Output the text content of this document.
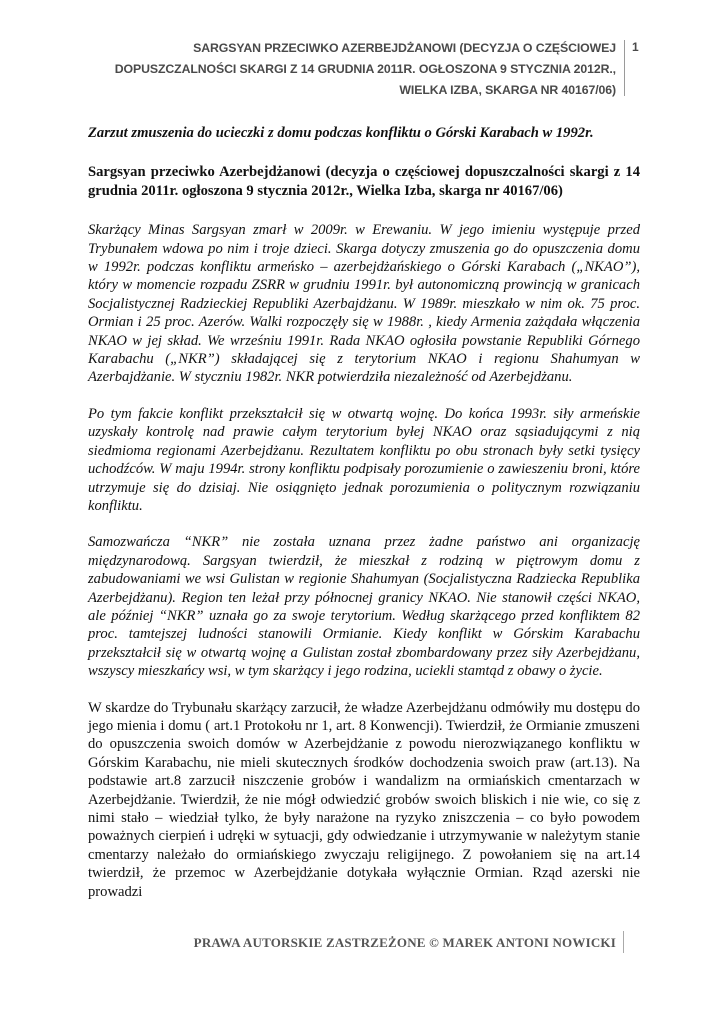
SARGSYAN PRZECIWKO AZERBEJDŻANOWI (DECYZJA O CZĘŚCIOWEJ
DOPUSZCZALNOŚCI SKARGI Z 14 GRUDNIA 2011R. OGŁOSZONA 9 STYCZNIA 2012R.,
WIELKA IZBA, SKARGA NR 40167/06)
1

Zarzut zmuszenia do ucieczki z domu podczas konfliktu o Górski Karabach w 1992r.

Sargsyan przeciwko Azerbejdżanowi (decyzja o częściowej dopuszczalności skargi z 14 grudnia 2011r. ogłoszona 9 stycznia 2012r., Wielka Izba, skarga nr 40167/06)

Skarżący Minas Sargsyan zmarł w 2009r. w Erewaniu. W jego imieniu występuje przed Trybunałem wdowa po nim i troje dzieci. Skarga dotyczy zmuszenia go do opuszczenia domu w 1992r. podczas konfliktu armeńsko – azerbejdżańskiego o Górski Karabach („NKAO”), który w momencie rozpadu ZSRR w grudniu 1991r. był autonomiczną prowincją w granicach Socjalistycznej Radzieckiej Republiki Azerbajdżanu. W 1989r. mieszkało w nim ok. 75 proc. Ormian i 25 proc. Azerów. Walki rozpoczęły się w 1988r. , kiedy Armenia zażądała włączenia NKAO w jej skład. We wrześniu 1991r. Rada NKAO ogłosiła powstanie Republiki Górnego Karabachu („NKR”) składającej się z terytorium NKAO i regionu Shahumyan w Azerbajdżanie. W styczniu 1982r. NKR potwierdziła niezależność od Azerbejdżanu.

Po tym fakcie konflikt przekształcił się w otwartą wojnę. Do końca 1993r. siły armeńskie uzyskały kontrolę nad prawie całym terytorium byłej NKAO oraz sąsiadującymi z nią siedmioma regionami Azerbejdżanu. Rezultatem konfliktu po obu stronach były setki tysięcy uchodźców. W maju 1994r. strony konfliktu podpisały porozumienie o zawieszeniu broni, które utrzymuje się do dzisiaj. Nie osiągnięto jednak porozumienia o politycznym rozwiązaniu konfliktu.

Samozwańcza “NKR” nie została uznana przez żadne państwo ani organizację międzynarodową. Sargsyan twierdził, że mieszkał z rodziną w piętrowym domu z zabudowaniami we wsi Gulistan w regionie Shahumyan (Socjalistyczna Radziecka Republika Azerbejdżanu). Region ten leżał przy północnej granicy NKAO. Nie stanowił części NKAO, ale później “NKR” uznała go za swoje terytorium. Według skarżącego przed konfliktem 82 proc. tamtejszej ludności stanowili Ormianie. Kiedy konflikt w Górskim Karabachu przekształcił się w otwartą wojnę a Gulistan został zbombardowany przez siły Azerbejdżanu, wszyscy mieszkańcy wsi, w tym skarżący i jego rodzina, uciekli stamtąd z obawy o życie.

W skardze do Trybunału skarżący zarzucił, że władze Azerbejdżanu odmówiły mu dostępu do jego mienia i domu ( art.1 Protokołu nr 1, art. 8 Konwencji). Twierdził, że Ormianie zmuszeni do opuszczenia swoich domów w Azerbejdżanie z powodu nierozwiązanego konfliktu w Górskim Karabachu, nie mieli skutecznych środków dochodzenia swoich praw (art.13). Na podstawie art.8 zarzucił niszczenie grobów i wandalizm na ormiańskich cmentarzach w Azerbejdżanie. Twierdził, że nie mógł odwiedzić grobów swoich bliskich i nie wie, co się z nimi stało – wiedział tylko, że były narażone na ryzyko zniszczenia – co było powodem poważnych cierpień i udręki w sytuacji, gdy odwiedzanie i utrzymywanie w należytym stanie cmentarzy należało do ormiańskiego zwyczaju religijnego. Z powołaniem się na art.14 twierdził, że przemoc w Azerbejdżanie dotykała wyłącznie Ormian. Rząd azerski nie prowadzi

PRAWA AUTORSKIE ZASTRZEŻONE © MAREK ANTONI NOWICKI
